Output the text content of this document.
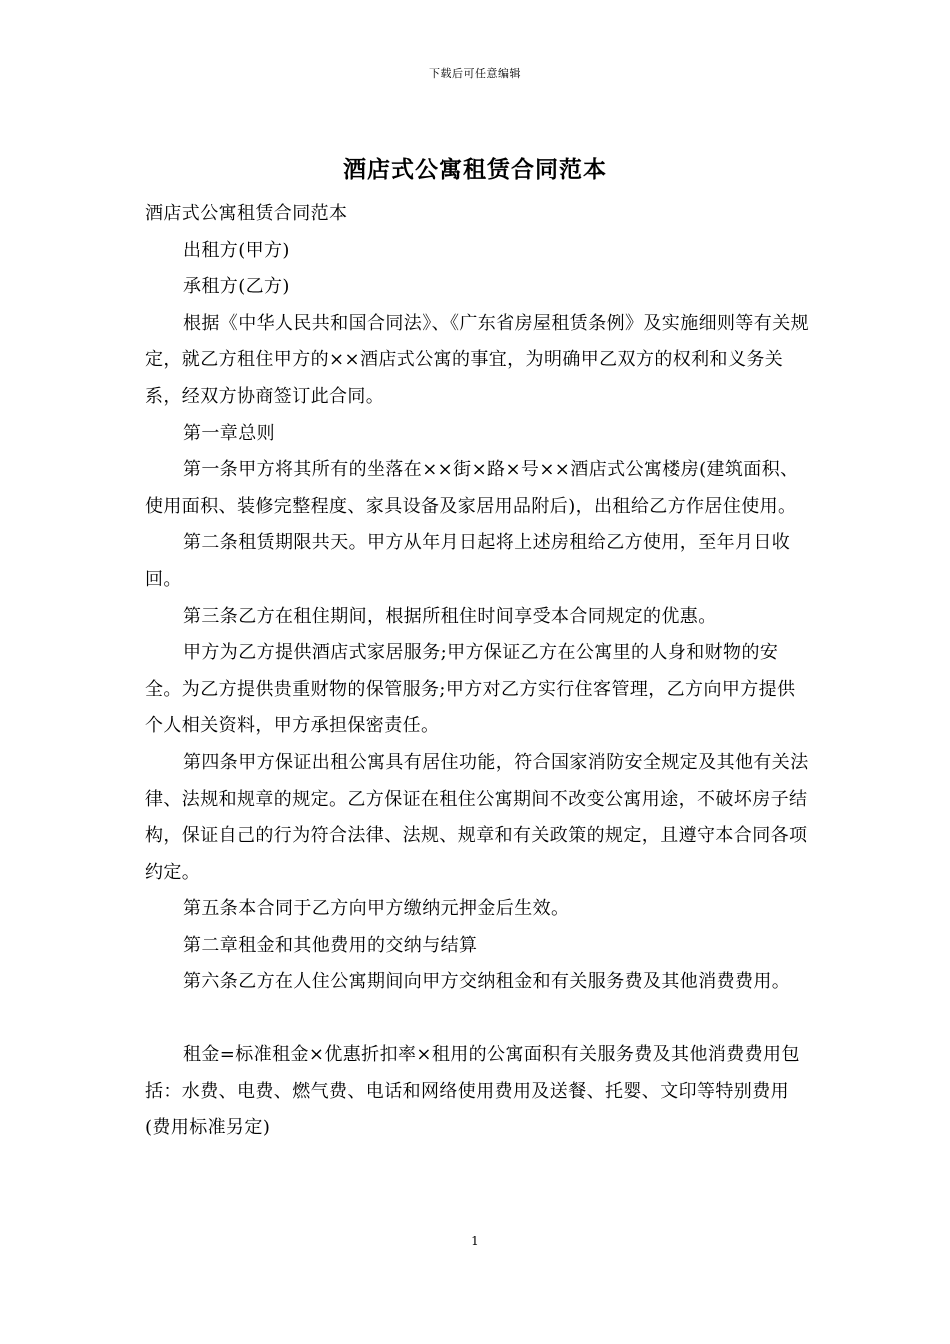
下载后可任意编辑
酒店式公寓租赁合同范本

酒店式公寓租赁合同范本

出租方(甲方)

承租方(乙方)

根据《中华人民共和国合同法》、《广东省房屋租赁条例》及实施细则等有关规定，就乙方租住甲方的××酒店式公寓的事宜，为明确甲乙双方的权利和义务关系，经双方协商签订此合同。

第一章总则

第一条甲方将其所有的坐落在××街×路×号××酒店式公寓楼房(建筑面积、使用面积、装修完整程度、家具设备及家居用品附后)，出租给乙方作居住使用。

第二条租赁期限共天。甲方从年月日起将上述房租给乙方使用，至年月日收回。

第三条乙方在租住期间，根据所租住时间享受本合同规定的优惠。

甲方为乙方提供酒店式家居服务;甲方保证乙方在公寓里的人身和财物的安全。为乙方提供贵重财物的保管服务;甲方对乙方实行住客管理，乙方向甲方提供个人相关资料，甲方承担保密责任。

第四条甲方保证出租公寓具有居住功能，符合国家消防安全规定及其他有关法律、法规和规章的规定。乙方保证在租住公寓期间不改变公寓用途，不破坏房子结构，保证自己的行为符合法律、法规、规章和有关政策的规定，且遵守本合同各项约定。

第五条本合同于乙方向甲方缴纳元押金后生效。

第二章租金和其他费用的交纳与结算

第六条乙方在人住公寓期间向甲方交纳租金和有关服务费及其他消费费用。

租金=标准租金×优惠折扣率×租用的公寓面积有关服务费及其他消费费用包括：水费、电费、燃气费、电话和网络使用费用及送餐、托婴、文印等特别费用(费用标准另定)

1
